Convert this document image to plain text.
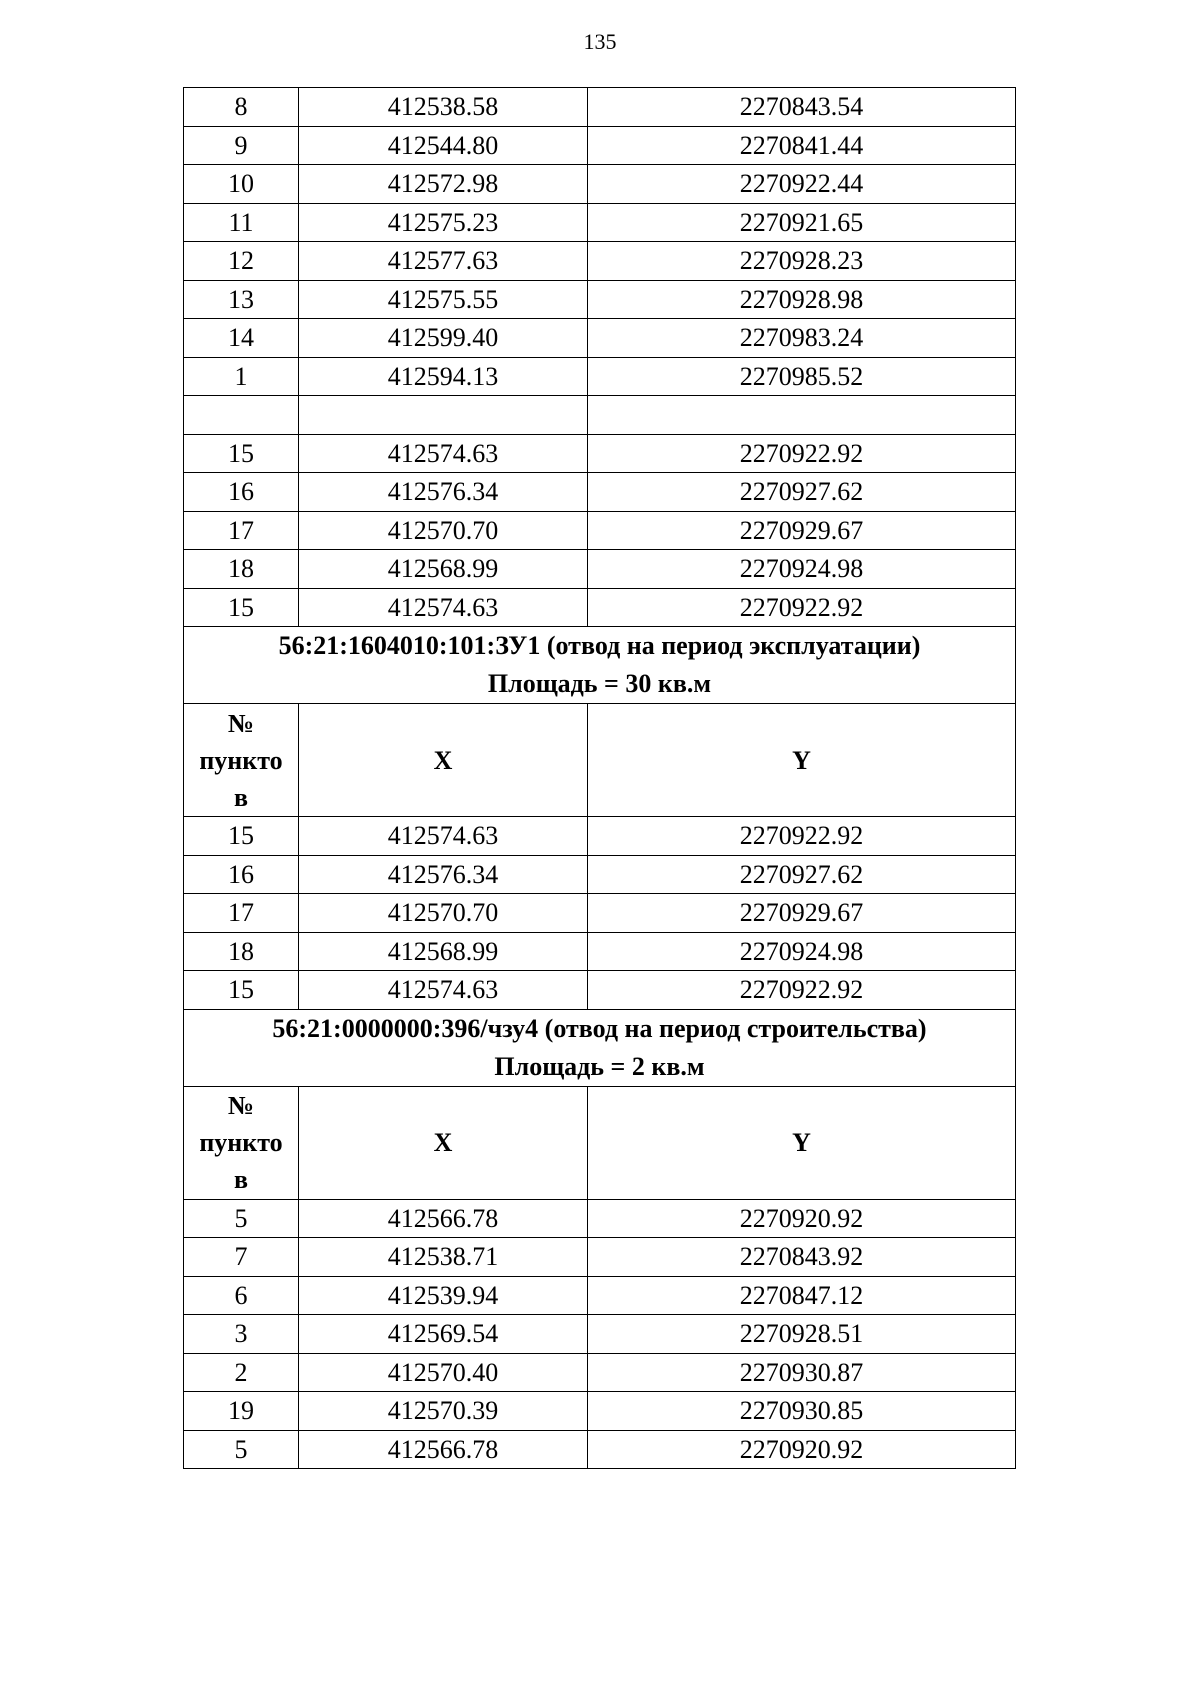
135
8	412538.58	2270843.54
9	412544.80	2270841.44
10	412572.98	2270922.44
11	412575.23	2270921.65
12	412577.63	2270928.23
13	412575.55	2270928.98
14	412599.40	2270983.24
1	412594.13	2270985.52

15	412574.63	2270922.92
16	412576.34	2270927.62
17	412570.70	2270929.67
18	412568.99	2270924.98
15	412574.63	2270922.92

56:21:1604010:101:ЗУ1 (отвод на период эксплуатации)
Площадь = 30 кв.м		

№
пункто
в	X	Y
15	412574.63	2270922.92
16	412576.34	2270927.62
17	412570.70	2270929.67
18	412568.99	2270924.98
15	412574.63	2270922.92

56:21:0000000:396/чзу4 (отвод на период строительства)
Площадь = 2 кв.м		

№
пункто
в	X	Y
5	412566.78	2270920.92
7	412538.71	2270843.92
6	412539.94	2270847.12
3	412569.54	2270928.51
2	412570.40	2270930.87
19	412570.39	2270930.85
5	412566.78	2270920.92
